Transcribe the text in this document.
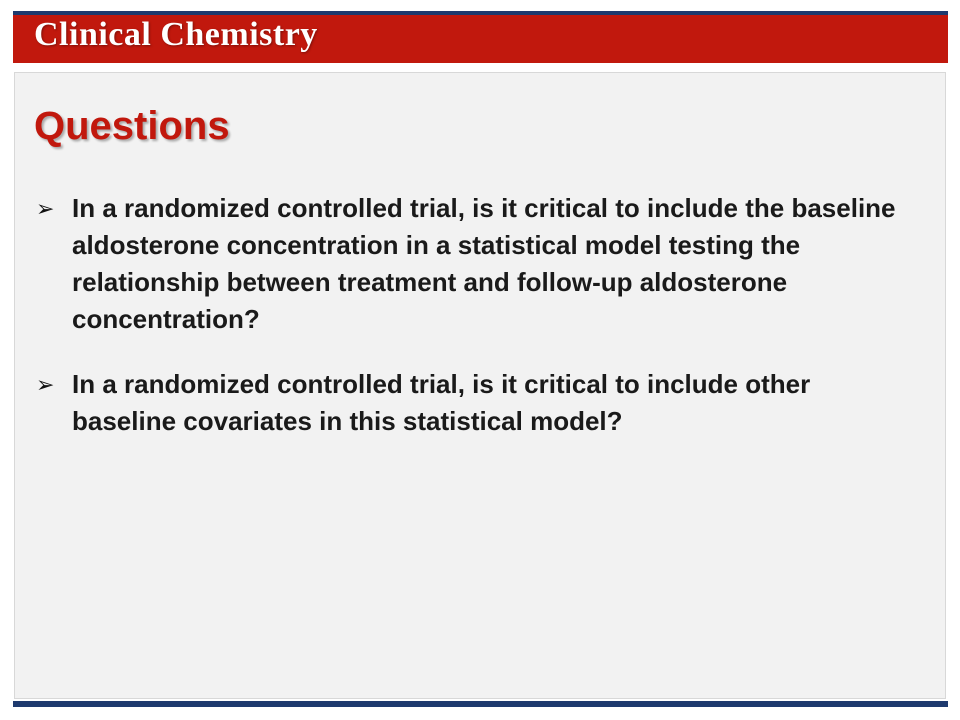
Clinical Chemistry
Questions
➢ In a randomized controlled trial, is it critical to include the baseline aldosterone concentration in a statistical model testing the relationship between treatment and follow-up aldosterone concentration?
➢ In a randomized controlled trial, is it critical to include other baseline covariates in this statistical model?
